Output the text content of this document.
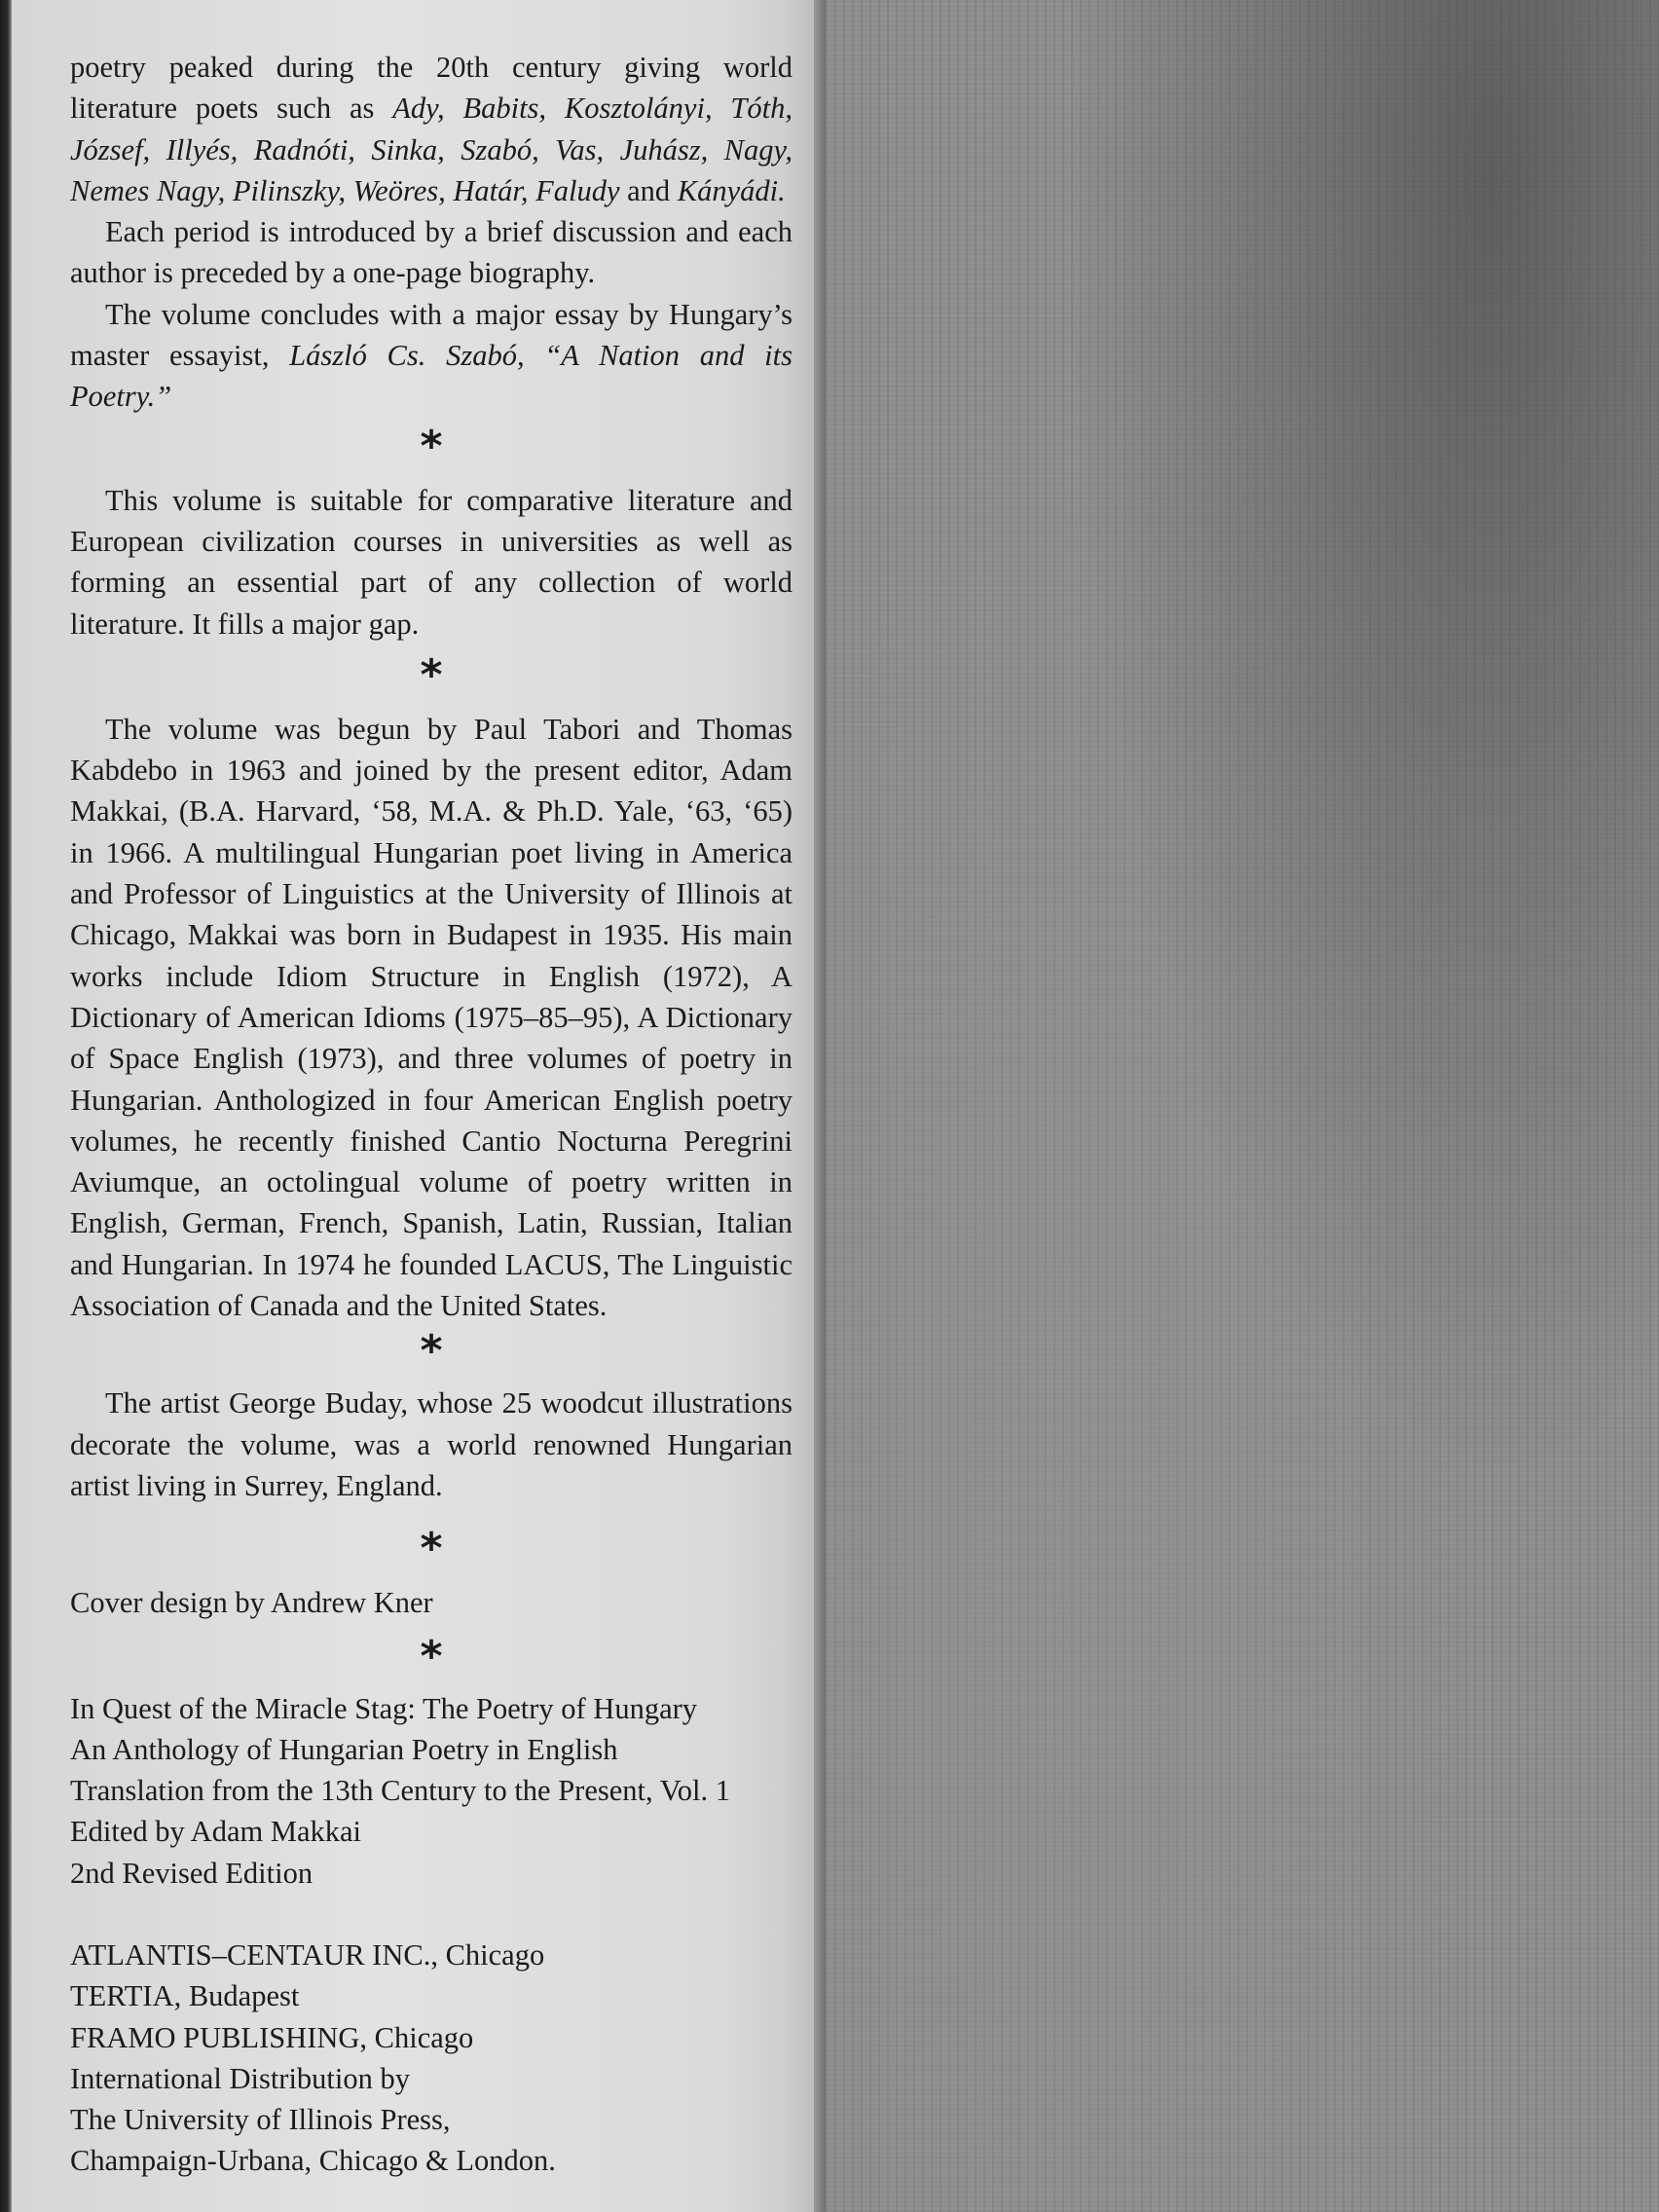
poetry peaked during the 20th century giving world literature poets such as Ady, Babits, Kosztolányi, Tóth, József, Illyés, Radnóti, Sinka, Szabó, Vas, Juhász, Nagy, Nemes Nagy, Pilinszky, Weöres, Határ, Faludy and Kányádi.

Each period is introduced by a brief discussion and each author is preceded by a one-page biography.

The volume concludes with a major essay by Hungary’s master essayist, László Cs. Szabó, “A Nation and its Poetry.”

*

This volume is suitable for comparative literature and European civilization courses in universities as well as forming an essential part of any collection of world literature. It fills a major gap.

*

The volume was begun by Paul Tabori and Thomas Kabdebo in 1963 and joined by the present editor, Adam Makkai, (B.A. Harvard, ‘58, M.A. & Ph.D. Yale, ‘63, ‘65) in 1966. A multilingual Hungarian poet living in America and Professor of Linguistics at the University of Illinois at Chicago, Makkai was born in Budapest in 1935. His main works include Idiom Structure in English (1972), A Dictionary of American Idioms (1975–85–95), A Dictionary of Space English (1973), and three volumes of poetry in Hungarian. Anthologized in four American English poetry volumes, he recently finished Cantio Nocturna Peregrini Aviumque, an octolingual volume of poetry written in English, German, French, Spanish, Latin, Russian, Italian and Hungarian. In 1974 he founded LACUS, The Linguistic Association of Canada and the United States.

*

The artist George Buday, whose 25 woodcut illustrations decorate the volume, was a world renowned Hungarian artist living in Surrey, England.

*

Cover design by Andrew Kner

*
In Quest of the Miracle Stag: The Poetry of Hungary
An Anthology of Hungarian Poetry in English
Translation from the 13th Century to the Present, Vol. 1
Edited by Adam Makkai
2nd Revised Edition
ATLANTIS–CENTAUR INC., Chicago
TERTIA, Budapest
FRAMO PUBLISHING, Chicago
International Distribution by
The University of Illinois Press,
Champaign-Urbana, Chicago & London.
